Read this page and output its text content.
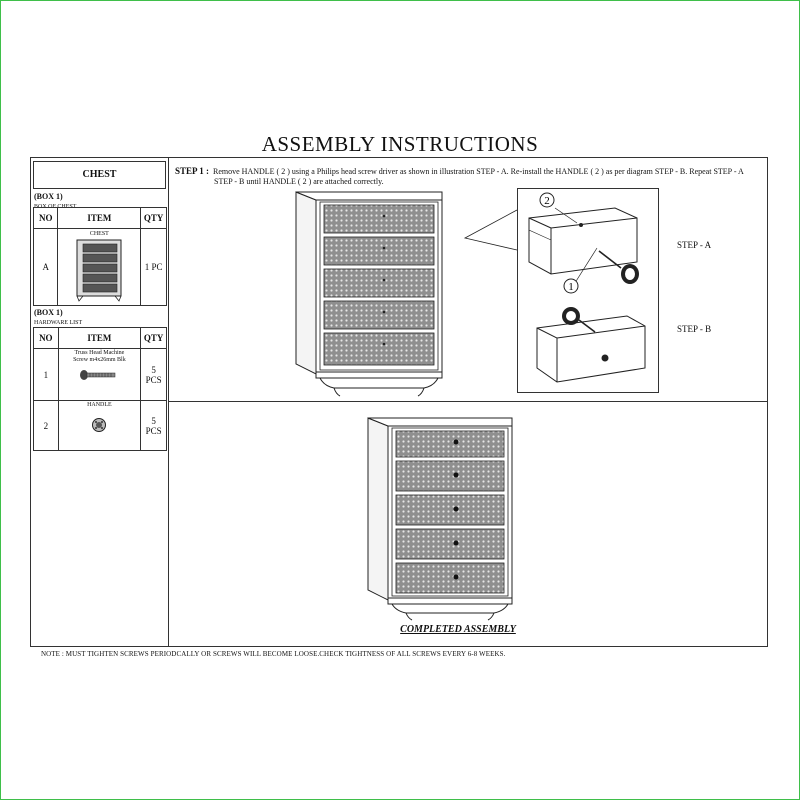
ASSEMBLY INSTRUCTIONS
CHEST
(BOX 1)
BOX OF CHEST
NO	ITEM	QTY
A	CHEST	1 PC
(BOX 1)
HARDWARE LIST
NO	ITEM	QTY
1	Truss Head Machine Screw m4x26mm Blk	5
PCS

2	HANDLE	5
PCS
STEP 1 : Remove HANDLE ( 2 ) using a Philips head screw driver as shown in illustration STEP - A. Re-install the HANDLE ( 2 ) as per diagram STEP - B. Repeat STEP - A
STEP - B until HANDLE ( 2 ) are attached correctly.
2
1
STEP - A
STEP - B
COMPLETED ASSEMBLY
NOTE : MUST TIGHTEN SCREWS PERIODCALLY OR SCREWS WILL BECOME LOOSE.CHECK TIGHTNESS OF ALL SCREWS EVERY 6-8 WEEKS.
